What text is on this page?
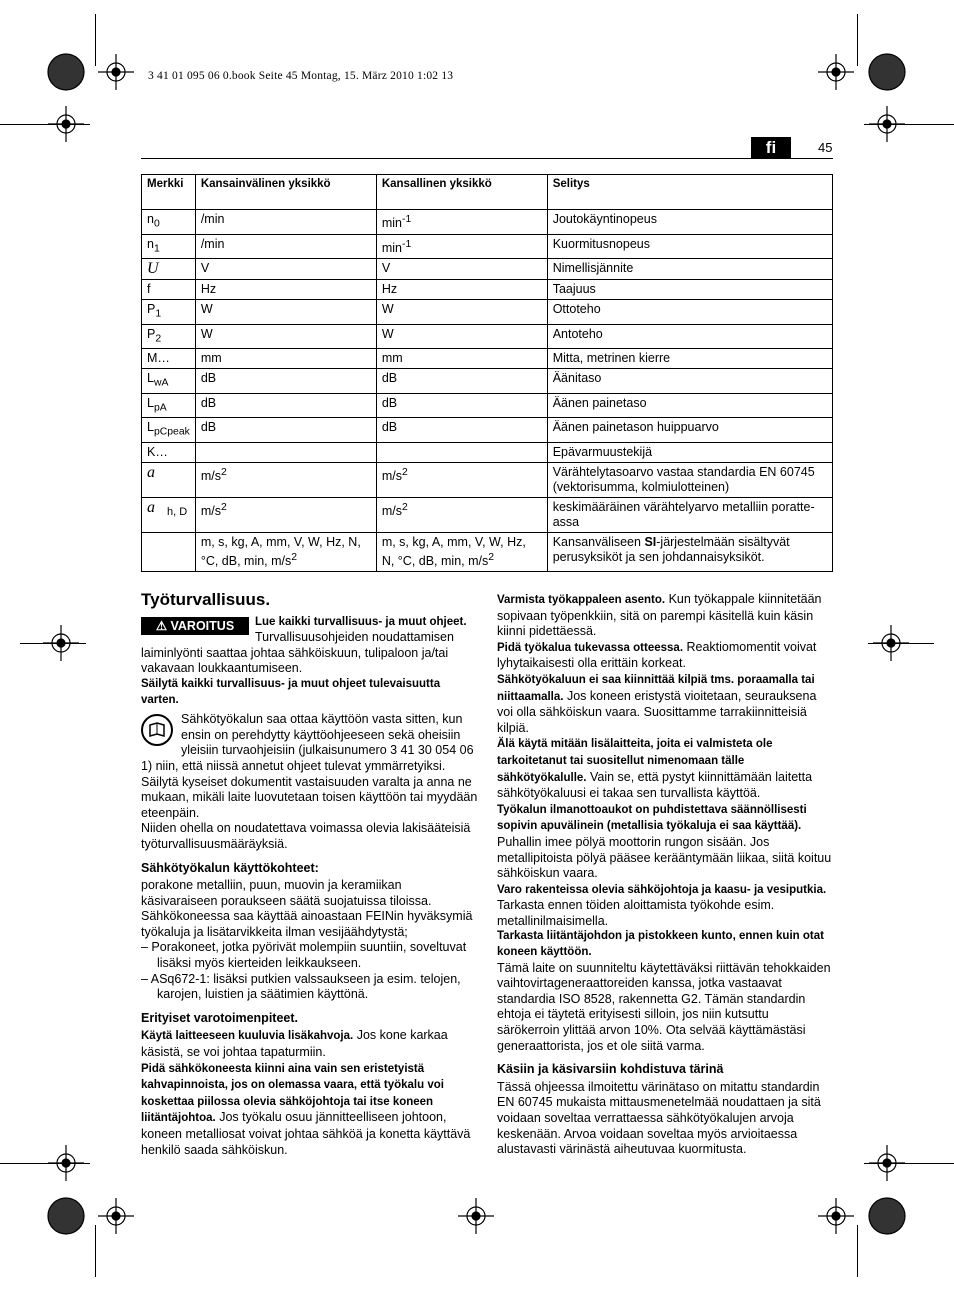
3 41 01 095 06 0.book Seite 45 Montag, 15. März 2010 1:02 13
fi	45
Merkki	Kansainvälinen yksikkö	Kansallinen yksikkö	Selitys
$n_0$	/min	$\min^{-1}$	Joutokäyntinopeus
$n_1$	/min	$\min^{-1}$	Kuormitusnopeus
U	V	V	Nimellisjännite
f	Hz	Hz	Taajuus
$P_1$	W	W	Ottoteho
$P_2$	W	W	Antoteho
M…	mm	mm	Mitta, metrinen kierre
$L_{wA}$	dB	dB	Äänitaso
$L_{pA}$	dB	dB	Äänen painetaso
$L_{pCpeak}$	dB	dB	Äänen painetason huippuarvo
K…			Epävarmuustekijä
a	$m/s^2$	$m/s^2$	Värähtelytasoarvo vastaa standardia EN 60745 (vektorisumma, kolmiulotteinen)
a $_{h, D}$	$m/s^2$	$m/s^2$	keskimääräinen värähtelyarvo metalliin poratte-assa
	m, s, kg, A, mm, V, W, Hz, N, °C, dB, min, $m/s^2$	m, s, kg, A, mm, V, W, Hz, N, °C, dB, min, $m/s^2$	Kansanväliseen SI-järjestelmään sisältyvät perusyksiköt ja sen johdannaisyksiköt.
Työturvallisuus.

⚠ VAROITUS	Lue kaikki turvallisuus- ja muut ohjeet. Turvallisuusohjeiden noudattamisen laiminlyönti saattaa johtaa sähköiskuun, tulipaloon ja/tai vakavaan loukkaantumiseen.

Säilytä kaikki turvallisuus- ja muut ohjeet tulevaisuutta varten.

Sähkötyökalun saa ottaa käyttöön vasta sitten, kun ensin on perehdytty käyttöohjeeseen sekä oheisiin yleisiin turvaohjeisiin (julkaisunumero 3 41 30 054 06 1) niin, että niissä annetut ohjeet tulevat ymmärretyiksi. Säilytä kyseiset dokumentit vastaisuuden varalta ja anna ne mukaan, mikäli laite luovutetaan toisen käyttöön tai myydään eteenpäin.

Niiden ohella on noudatettava voimassa olevia lakisääteisiä työturvallisuusmääräyksiä.

Sähkötyökalun käyttökohteet:

porakone metalliin, puun, muovin ja keramiikan käsivaraiseen poraukseen säätä suojatuissa tiloissa. Sähkökoneessa saa käyttää ainoastaan FEINin hyväksymiä työkaluja ja lisätarvikkeita ilman vesijäähdytystä;

– Porakoneet, jotka pyörivät molempiin suuntiin, soveltuvat lisäksi myös kierteiden leikkaukseen.
– ASq672-1: lisäksi putkien valssaukseen ja esim. telojen, karojen, luistien ja säätimien käyttönä.
Erityiset varotoimenpiteet.

Käytä laitteeseen kuuluvia lisäkahvoja. Jos kone karkaa käsistä, se voi johtaa tapaturmiin.

Pidä sähkökoneesta kiinni aina vain sen eristetyistä kahvapinnoista, jos on olemassa vaara, että työkalu voi koskettaa piilossa olevia sähköjohtoja tai itse koneen liitäntäjohtoa. Jos työkalu osuu jännitteelliseen johtoon, koneen metalliosat voivat johtaa sähköä ja konetta käyttävä henkilö saada sähköiskun.

Varmista työkappaleen asento. Kun työkappale kiinnitetään sopivaan työpenkkiin, sitä on parempi käsitellä kuin käsin kiinni pidettäessä.

Pidä työkalua tukevassa otteessa. Reaktiomomentit voivat lyhytaikaisesti olla erittäin korkeat.

Sähkötyökaluun ei saa kiinnittää kilpiä tms. poraamalla tai niittaamalla. Jos koneen eristystä vioitetaan, seurauksena voi olla sähköiskun vaara. Suosittamme tarrakiinnitteisiä kilpiä.

Älä käytä mitään lisälaitteita, joita ei valmisteta ole tarkoitetanut tai suositellut nimenomaan tälle sähkötyökalulle. Vain se, että pystyt kiinnittämään laitetta sähkötyökaluusi ei takaa sen turvallista käyttöä.

Työkalun ilmanottoaukot on puhdistettava säännöllisesti sopivin apuvälinein (metallisia työkaluja ei saa käyttää). Puhallin imee pölyä moottorin rungon sisään. Jos metallipitoista pölyä pääsee kerääntymään liikaa, siitä koituu sähköiskun vaara.

Varo rakenteissa olevia sähköjohtoja ja kaasu- ja vesiputkia. Tarkasta ennen töiden aloittamista työkohde esim. metallinilmaisimella.

Tarkasta liitäntäjohdon ja pistokkeen kunto, ennen kuin otat koneen käyttöön.

Tämä laite on suunniteltu käytettäväksi riittävän tehokkaiden vaihtovirtageneraattoreiden kanssa, jotka vastaavat standardia ISO 8528, rakennetta G2. Tämän standardin ehtoja ei täytetä erityisesti silloin, jos niin kutsuttu särökerroin ylittää arvon 10%. Ota selvää käyttämästäsi generaattorista, jos et ole siitä varma.

Käsiin ja käsivarsiin kohdistuva tärinä

Tässä ohjeessa ilmoitettu värinätaso on mitattu standardin EN 60745 mukaista mittausmenetelmää noudattaen ja sitä voidaan soveltaa verrattaessa sähkötyökalujen arvoja keskenään. Arvoa voidaan soveltaa myös arvioitaessa alustavasti värinästä aiheutuvaa kuormitusta.
